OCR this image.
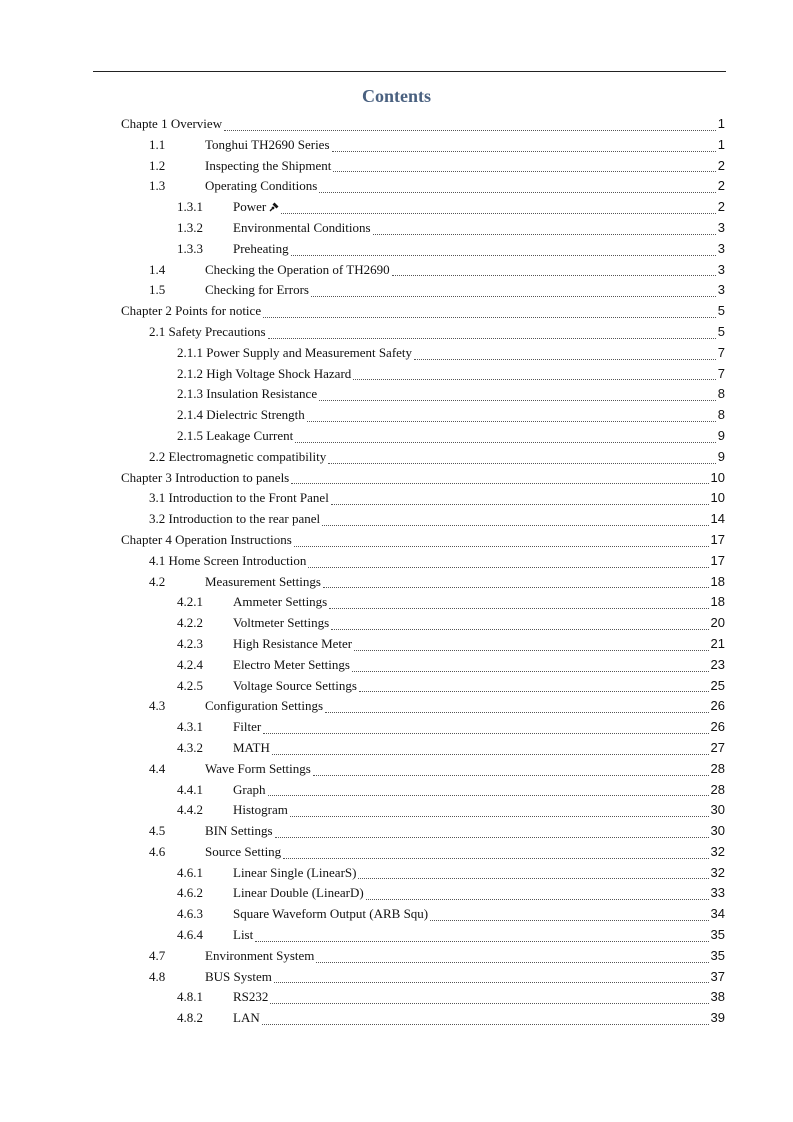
Contents
Chapte 1 Overview	1
1.1	Tonghui TH2690 Series	1
1.2	Inspecting the Shipment	2
1.3	Operating Conditions	2
1.3.1	Power	2
1.3.2	Environmental Conditions	3
1.3.3	Preheating	3
1.4	Checking the Operation of TH2690	3
1.5	Checking for Errors	3
Chapter 2 Points for notice	5
2.1 Safety Precautions	5
2.1.1 Power Supply and Measurement Safety	7
2.1.2 High Voltage Shock Hazard	7
2.1.3 Insulation Resistance	8
2.1.4 Dielectric Strength	8
2.1.5 Leakage Current	9
2.2 Electromagnetic compatibility	9
Chapter 3 Introduction to panels	10
3.1 Introduction to the Front Panel	10
3.2 Introduction to the rear panel	14
Chapter 4 Operation Instructions	17
4.1 Home Screen Introduction	17
4.2	Measurement Settings	18
4.2.1	Ammeter Settings	18
4.2.2	Voltmeter Settings	20
4.2.3	High Resistance Meter	21
4.2.4	Electro Meter Settings	23
4.2.5	Voltage Source Settings	25
4.3	Configuration Settings	26
4.3.1	Filter	26
4.3.2	MATH	27
4.4	Wave Form Settings	28
4.4.1	Graph	28
4.4.2	Histogram	30
4.5	BIN Settings	30
4.6	Source Setting	32
4.6.1	Linear Single (LinearS)	32
4.6.2	Linear Double (LinearD)	33
4.6.3	Square Waveform Output (ARB Squ)	34
4.6.4	List	35
4.7	Environment System	35
4.8	BUS System	37
4.8.1	RS232	38
4.8.2	LAN	39
